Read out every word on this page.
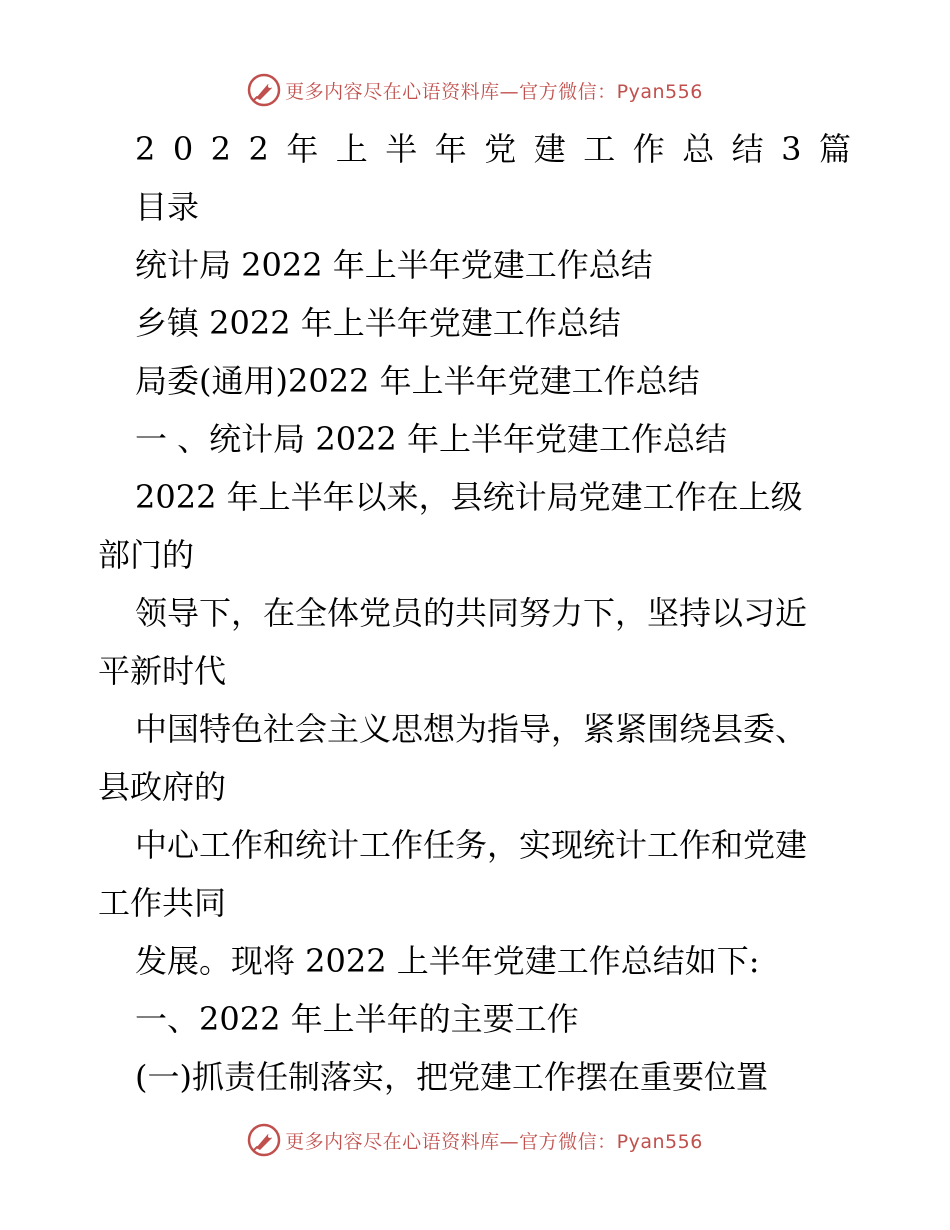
更多内容尽在心语资料库—官方微信：Pyan556
2 0 2 2 年 上 半 年 党 建 工 作 总 结 3 篇
目录
统计局 2022 年上半年党建工作总结
乡镇 2022 年上半年党建工作总结
局委(通用)2022 年上半年党建工作总结
一 、统计局 2022 年上半年党建工作总结
2022 年上半年以来，县统计局党建工作在上级
部门的
领导下，在全体党员的共同努力下，坚持以习近
平新时代
中国特色社会主义思想为指导，紧紧围绕县委、
县政府的
中心工作和统计工作任务，实现统计工作和党建
工作共同
发展。现将 2022 上半年党建工作总结如下:
一、2022 年上半年的主要工作
(一)抓责任制落实，把党建工作摆在重要位置
更多内容尽在心语资料库—官方微信：Pyan556
